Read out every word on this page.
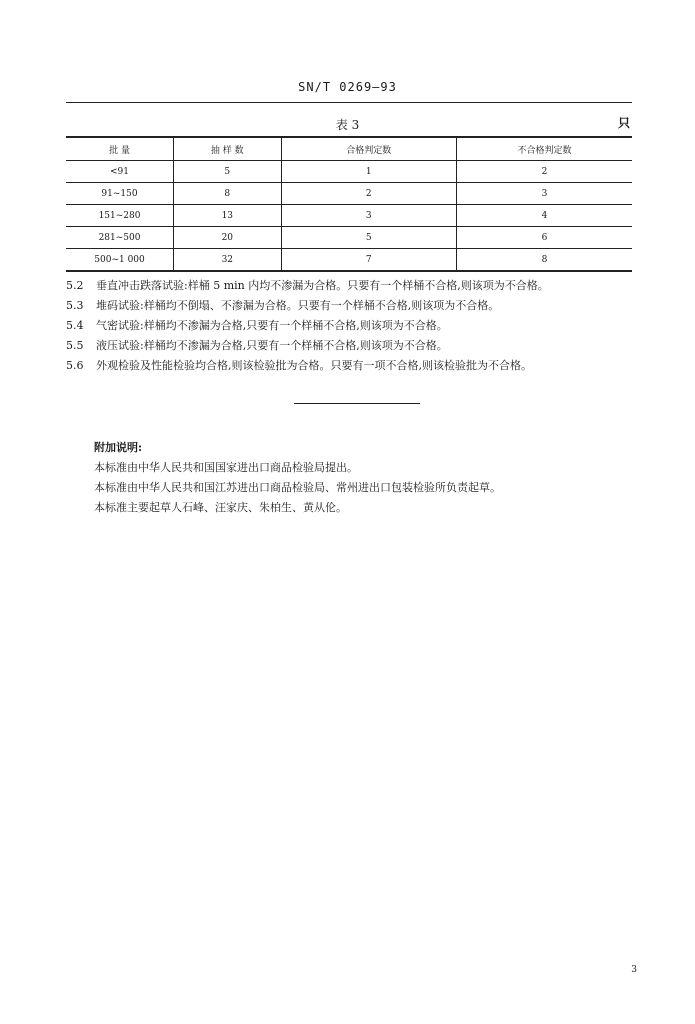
SN/T 0269—93
表 3	只
批 量	抽 样 数	合格判定数	不合格判定数
<91	5	1	2
91~150	8	2	3
151~280	13	3	4
281~500	20	5	6
500~1 000	32	7	8
5.2	垂直冲击跌落试验:样桶 5 min 内均不渗漏为合格。只要有一个样桶不合格,则该项为不合格。
5.3	堆码试验:样桶均不倒塌、不渗漏为合格。只要有一个样桶不合格,则该项为不合格。
5.4	气密试验:样桶均不渗漏为合格,只要有一个样桶不合格,则该项为不合格。
5.5	液压试验:样桶均不渗漏为合格,只要有一个样桶不合格,则该项为不合格。
5.6	外观检验及性能检验均合格,则该检验批为合格。只要有一项不合格,则该检验批为不合格。
附加说明:
本标准由中华人民共和国国家进出口商品检验局提出。
本标准由中华人民共和国江苏进出口商品检验局、常州进出口包装检验所负责起草。
本标准主要起草人石峰、汪家庆、朱柏生、黄从伦。
3
